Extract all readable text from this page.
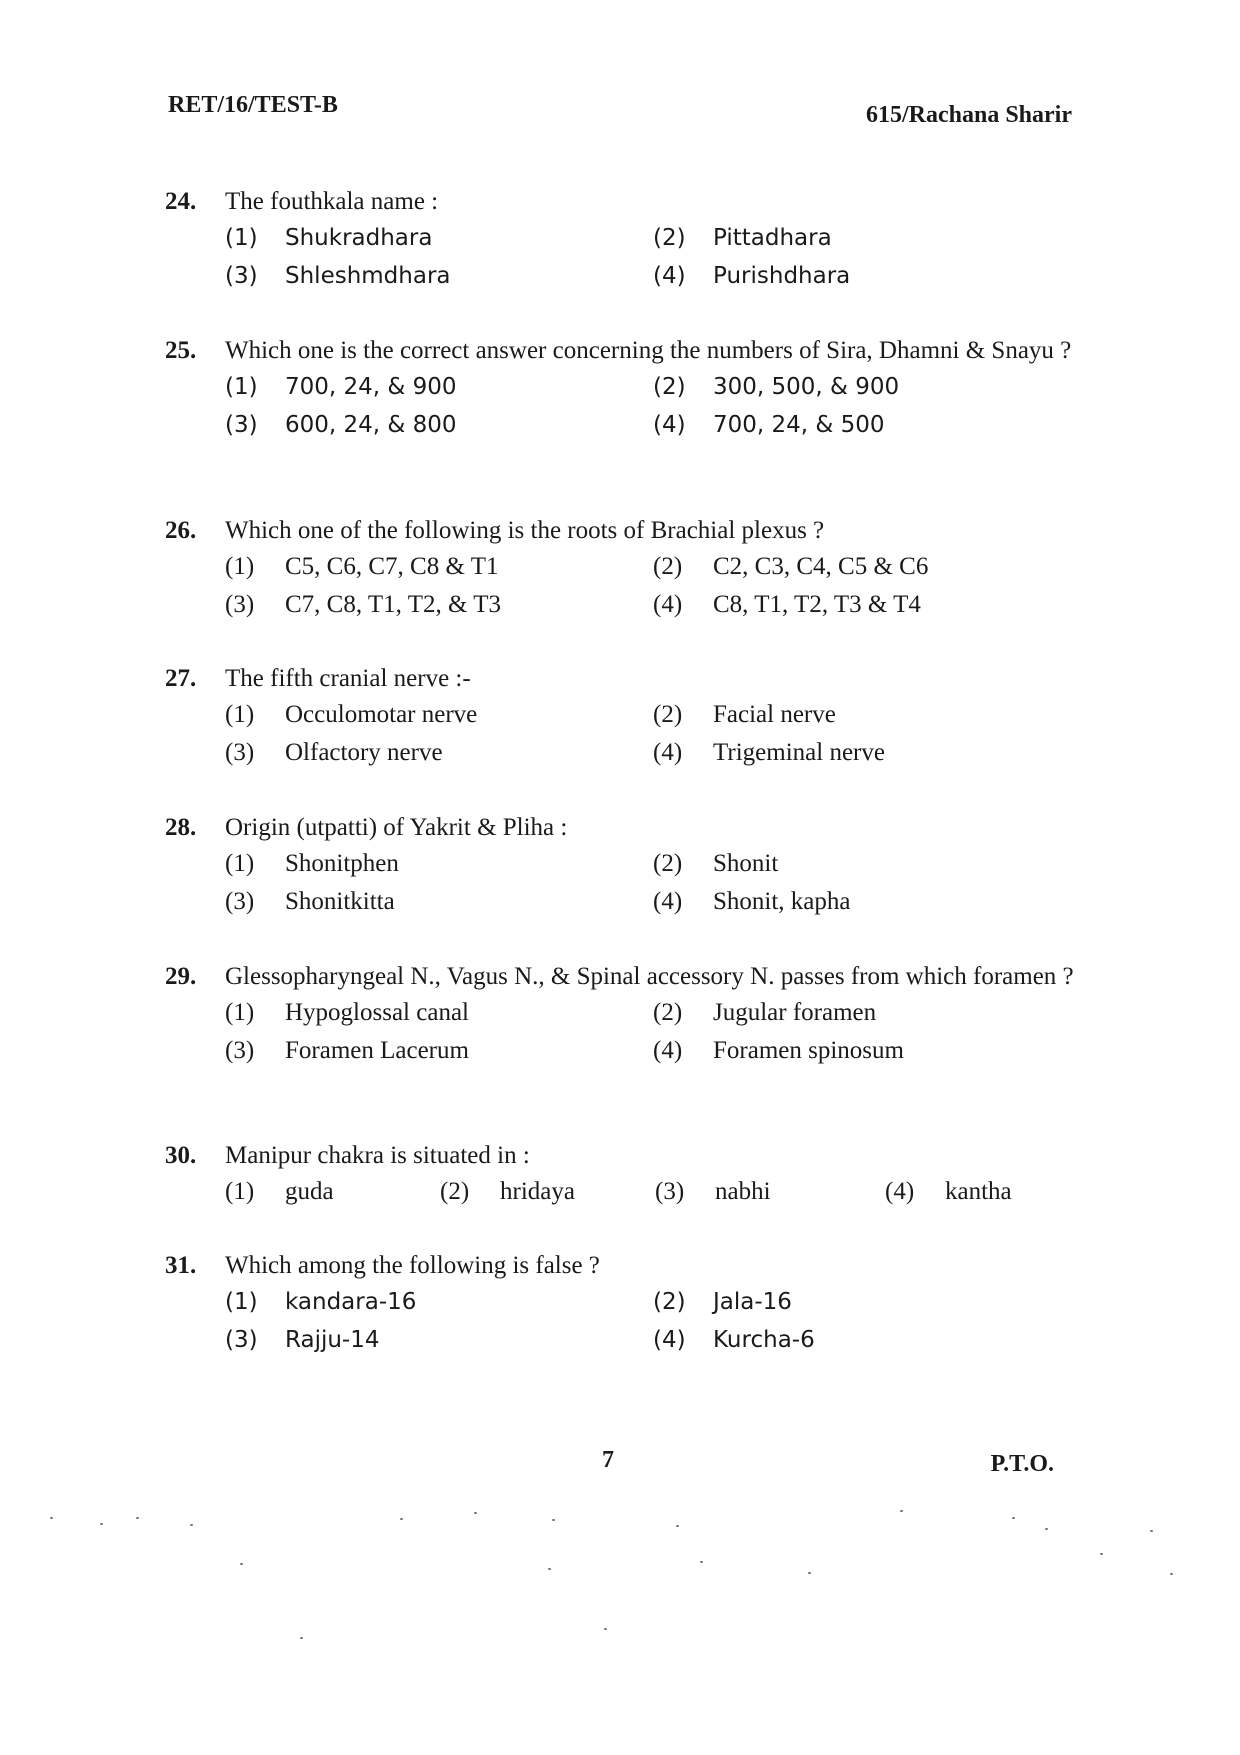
RET/16/TEST-B	615/Rachana Sharir
24.	The fouthkala name :
(1)	Shukradhara	(2)	Pittadhara
(3)	Shleshmdhara	(4)	Purishdhara
25.	Which one is the correct answer concerning the numbers of Sira, Dhamni & Snayu ?
(1)	700, 24, & 900	(2)	300, 500, & 900
(3)	600, 24, & 800	(4)	700, 24, & 500
26.	Which one of the following is the roots of Brachial plexus ?
(1)	C5, C6, C7, C8 & T1	(2)	C2, C3, C4, C5 & C6
(3)	C7, C8, T1, T2, & T3	(4)	C8, T1, T2, T3 & T4
27.	The fifth cranial nerve :-
(1)	Occulomotar nerve	(2)	Facial nerve
(3)	Olfactory nerve	(4)	Trigeminal nerve
28.	Origin (utpatti) of Yakrit & Pliha :
(1)	Shonitphen	(2)	Shonit
(3)	Shonitkitta	(4)	Shonit, kapha
29.	Glessopharyngeal N., Vagus N., & Spinal accessory N. passes from which foramen ?
(1)	Hypoglossal canal	(2)	Jugular foramen
(3)	Foramen Lacerum	(4)	Foramen spinosum
30.	Manipur chakra is situated in :
(1)	guda	(2)	hridaya	(3)	nabhi	(4)	kantha
31.	Which among the following is false ?
(1)	kandara-16	(2)	Jala-16
(3)	Rajju-14	(4)	Kurcha-6
7	P.T.O.
